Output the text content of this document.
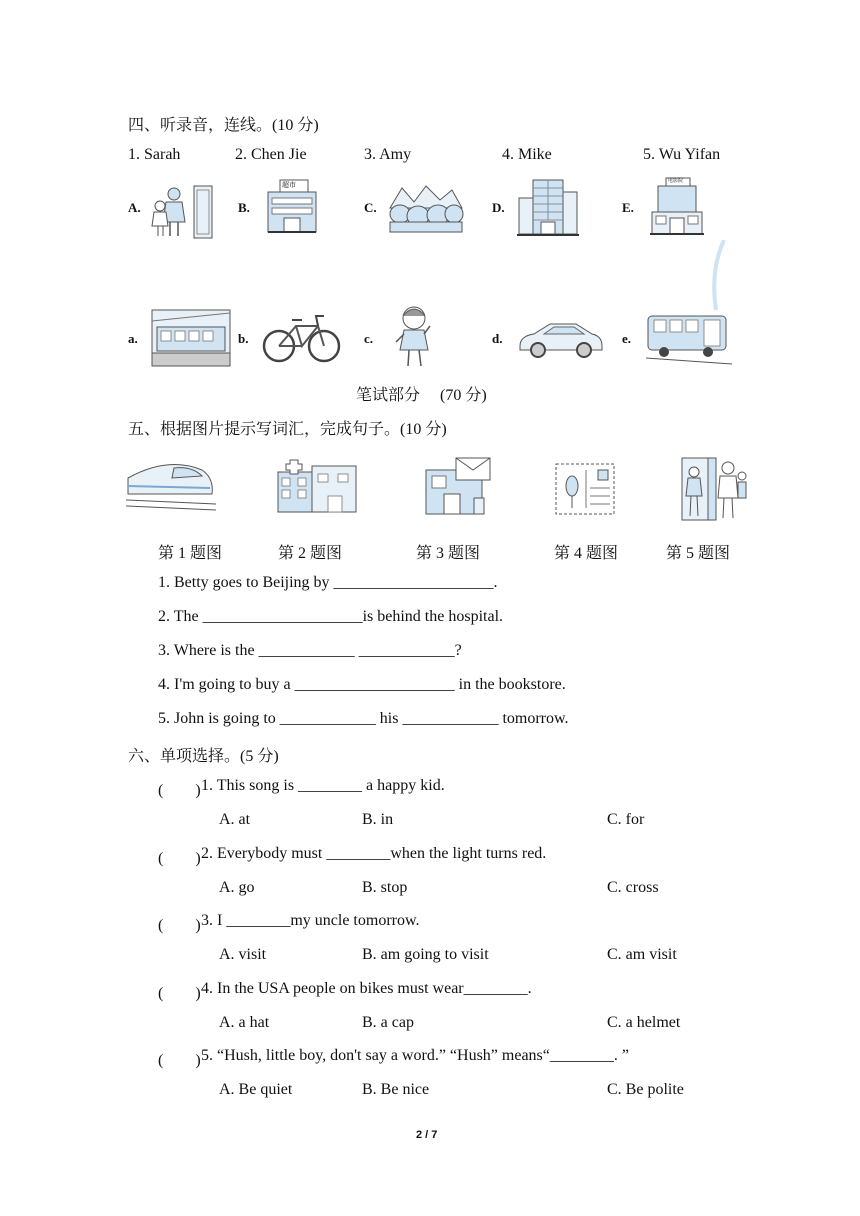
四、听录音，连线。(10 分)
1. Sarah	2. Chen Jie	3. Amy	4. Mike	5. Wu Yifan
A.	B.	C.	D.	E.
超市	电影院
a.	b.	c.	d.	e.
笔试部分　 (70 分)
五、根据图片提示写词汇，完成句子。(10 分)
第 1 题图	第 2 题图	第 3 题图	第 4 题图	第 5 题图
1. Betty goes to Beijing by ____________________.
2. The ____________________is behind the hospital.
3. Where is the ____________ ____________?
4. I'm going to buy a ____________________ in the bookstore.
5. John is going to ____________ his ____________ tomorrow.
六、单项选择。(5 分)
(　　) 1. This song is ________ a happy kid.
A. at	B. in	C. for
(　　) 2. Everybody must ________when the light turns red.
A. go	B. stop	C. cross
(　　) 3. I ________my uncle tomorrow.
A. visit	B. am going to visit	C. am visit
(　　) 4. In the USA people on bikes must wear________.
A. a hat	B. a cap	C. a helmet
(　　) 5. “Hush, little boy, don't say a word.” “Hush” means“________. ”
A. Be quiet	B. Be nice	C. Be polite
2 / 7
